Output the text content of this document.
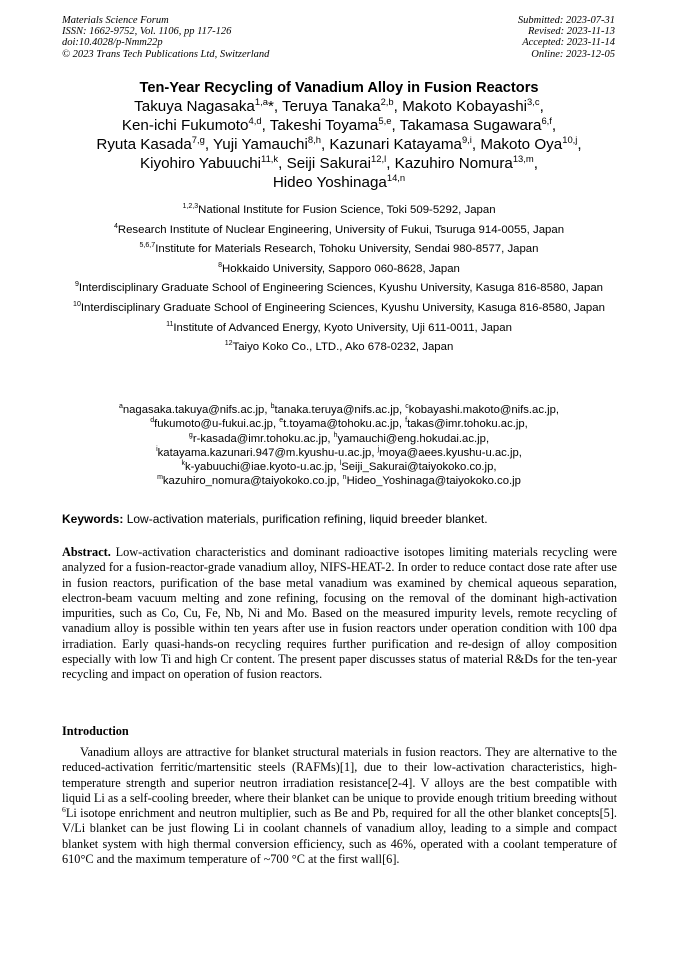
Materials Science Forum
ISSN: 1662-9752, Vol. 1106, pp 117-126
doi:10.4028/p-Nmm22p
© 2023 Trans Tech Publications Ltd, Switzerland
Submitted: 2023-07-31
Revised: 2023-11-13
Accepted: 2023-11-14
Online: 2023-12-05
Ten-Year Recycling of Vanadium Alloy in Fusion Reactors
Takuya Nagasaka$^{1,a}$*, Teruya Tanaka$^{2,b}$, Makoto Kobayashi$^{3,c}$,
Ken-ichi Fukumoto$^{4,d}$, Takeshi Toyama$^{5,e}$, Takamasa Sugawara$^{6,f}$,
Ryuta Kasada$^{7,g}$, Yuji Yamauchi$^{8,h}$, Kazunari Katayama$^{9,i}$, Makoto Oya$^{10,j}$,
Kiyohiro Yabuuchi$^{11,k}$, Seiji Sakurai$^{12,l}$, Kazuhiro Nomura$^{13,m}$,
Hideo Yoshinaga$^{14,n}$
$^{1,2,3}$National Institute for Fusion Science, Toki 509-5292, Japan
$^4$Research Institute of Nuclear Engineering, University of Fukui, Tsuruga 914-0055, Japan
$^{5,6,7}$Institute for Materials Research, Tohoku University, Sendai 980-8577, Japan
$^8$Hokkaido University, Sapporo 060-8628, Japan
$^9$Interdisciplinary Graduate School of Engineering Sciences, Kyushu University, Kasuga 816-8580, Japan
$^{10}$Interdisciplinary Graduate School of Engineering Sciences, Kyushu University, Kasuga 816-8580, Japan
$^{11}$Institute of Advanced Energy, Kyoto University, Uji 611-0011, Japan
$^{12}$Taiyo Koko Co., LTD., Ako 678-0232, Japan
$^a$nagasaka.takuya@nifs.ac.jp, $^b$tanaka.teruya@nifs.ac.jp, $^c$kobayashi.makoto@nifs.ac.jp,
$^d$fukumoto@u-fukui.ac.jp, $^e$t.toyama@tohoku.ac.jp, $^f$takas@imr.tohoku.ac.jp,
$^g$r-kasada@imr.tohoku.ac.jp, $^h$yamauchi@eng.hokudai.ac.jp,
$^i$katayama.kazunari.947@m.kyushu-u.ac.jp, $^j$moya@aees.kyushu-u.ac.jp,
$^k$k-yabuuchi@iae.kyoto-u.ac.jp, $^l$Seiji_Sakurai@taiyokoko.co.jp,
$^m$kazuhiro_nomura@taiyokoko.co.jp, $^n$Hideo_Yoshinaga@taiyokoko.co.jp
Keywords: Low-activation materials, purification refining, liquid breeder blanket.
Abstract. Low-activation characteristics and dominant radioactive isotopes limiting materials recycling were analyzed for a fusion-reactor-grade vanadium alloy, NIFS-HEAT-2. In order to reduce contact dose rate after use in fusion reactors, purification of the base metal vanadium was examined by chemical aqueous separation, electron-beam vacuum melting and zone refining, focusing on the removal of the dominant high-activation impurities, such as Co, Cu, Fe, Nb, Ni and Mo. Based on the measured impurity levels, remote recycling of vanadium alloy is possible within ten years after use in fusion reactors under operation condition with 100 dpa irradiation. Early quasi-hands-on recycling requires further purification and re-design of alloy composition especially with low Ti and high Cr content. The present paper discusses status of material R&Ds for the ten-year recycling and impact on operation of fusion reactors.
Introduction
Vanadium alloys are attractive for blanket structural materials in fusion reactors. They are alternative to the reduced-activation ferritic/martensitic steels (RAFMs)[1], due to their low-activation characteristics, high-temperature strength and superior neutron irradiation resistance[2-4]. V alloys are the best compatible with liquid Li as a self-cooling breeder, where their blanket can be unique to provide enough tritium breeding without $^6$Li isotope enrichment and neutron multiplier, such as Be and Pb, required for all the other blanket concepts[5]. V/Li blanket can be just flowing Li in coolant channels of vanadium alloy, leading to a simple and compact blanket system with high thermal conversion efficiency, such as 46%, operated with a coolant temperature of 610°C and the maximum temperature of ~700 °C at the first wall[6].
